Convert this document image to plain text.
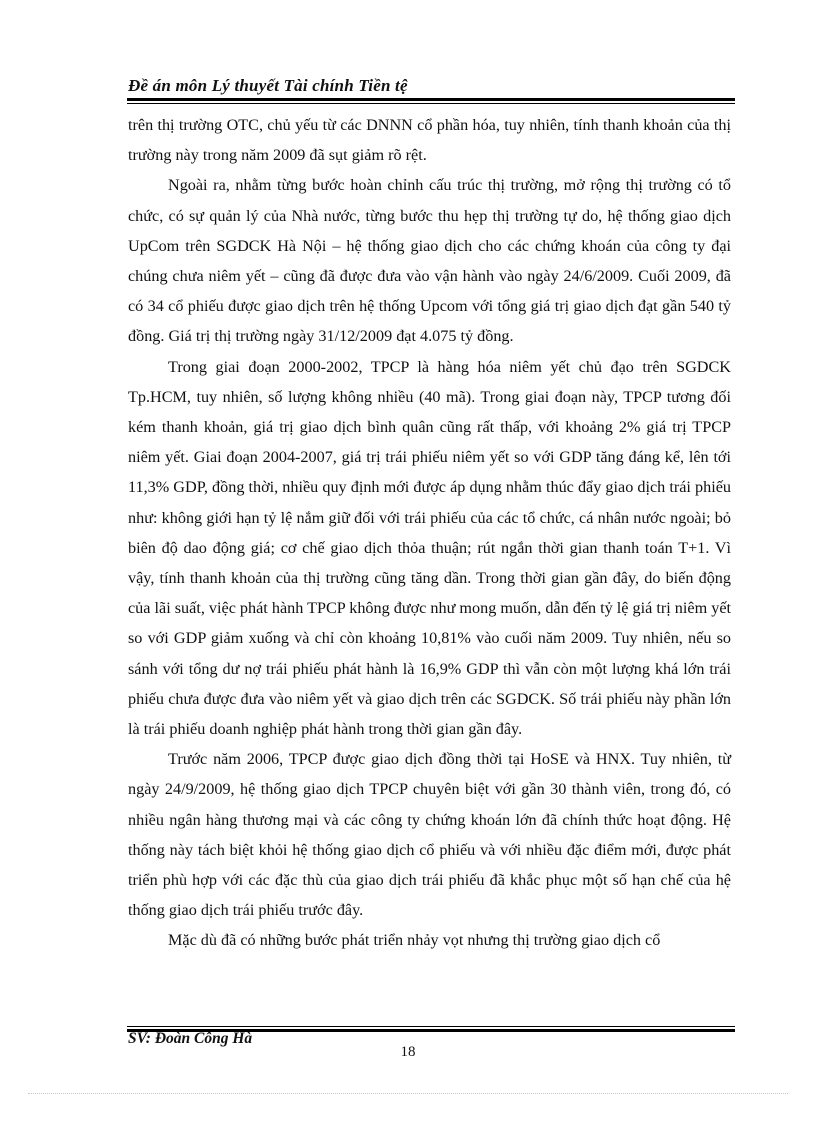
Đề án môn Lý thuyết Tài chính Tiền tệ

trên thị trường OTC, chủ yếu từ các DNNN cổ phần hóa, tuy nhiên, tính thanh khoản của thị trường này trong năm 2009 đã sụt giảm rõ rệt.

Ngoài ra, nhằm từng bước hoàn chỉnh cấu trúc thị trường, mở rộng thị trường có tổ chức, có sự quản lý của Nhà nước, từng bước thu hẹp thị trường tự do, hệ thống giao dịch UpCom trên SGDCK Hà Nội – hệ thống giao dịch cho các chứng khoán của công ty đại chúng chưa niêm yết – cũng đã được đưa vào vận hành vào ngày 24/6/2009. Cuối 2009, đã có 34 cổ phiếu được giao dịch trên hệ thống Upcom với tổng giá trị giao dịch đạt gần 540 tỷ đồng. Giá trị thị trường ngày 31/12/2009 đạt 4.075 tỷ đồng.

Trong giai đoạn 2000-2002, TPCP là hàng hóa niêm yết chủ đạo trên SGDCK Tp.HCM, tuy nhiên, số lượng không nhiều (40 mã). Trong giai đoạn này, TPCP tương đối kém thanh khoản, giá trị giao dịch bình quân cũng rất thấp, với khoảng 2% giá trị TPCP niêm yết. Giai đoạn 2004-2007, giá trị trái phiếu niêm yết so với GDP tăng đáng kể, lên tới 11,3% GDP, đồng thời, nhiều quy định mới được áp dụng nhằm thúc đẩy giao dịch trái phiếu như: không giới hạn tỷ lệ nắm giữ đối với trái phiếu của các tổ chức, cá nhân nước ngoài; bỏ biên độ dao động giá; cơ chế giao dịch thỏa thuận; rút ngắn thời gian thanh toán T+1. Vì vậy, tính thanh khoản của thị trường cũng tăng dần. Trong thời gian gần đây, do biến động của lãi suất, việc phát hành TPCP không được như mong muốn, dẫn đến tỷ lệ giá trị niêm yết so với GDP giảm xuống và chỉ còn khoảng 10,81% vào cuối năm 2009. Tuy nhiên, nếu so sánh với tổng dư nợ trái phiếu phát hành là 16,9% GDP thì vẫn còn một lượng khá lớn trái phiếu chưa được đưa vào niêm yết và giao dịch trên các SGDCK. Số trái phiếu này phần lớn là trái phiếu doanh nghiệp phát hành trong thời gian gần đây.

Trước năm 2006, TPCP được giao dịch đồng thời tại HoSE và HNX. Tuy nhiên, từ ngày 24/9/2009, hệ thống giao dịch TPCP chuyên biệt với gần 30 thành viên, trong đó, có nhiều ngân hàng thương mại và các công ty chứng khoán lớn đã chính thức hoạt động. Hệ thống này tách biệt khỏi hệ thống giao dịch cổ phiếu và với nhiều đặc điểm mới, được phát triển phù hợp với các đặc thù của giao dịch trái phiếu đã khắc phục một số hạn chế của hệ thống giao dịch trái phiếu trước đây.

Mặc dù đã có những bước phát triển nhảy vọt nhưng thị trường giao dịch cổ

SV: Đoàn Công Hà
18
